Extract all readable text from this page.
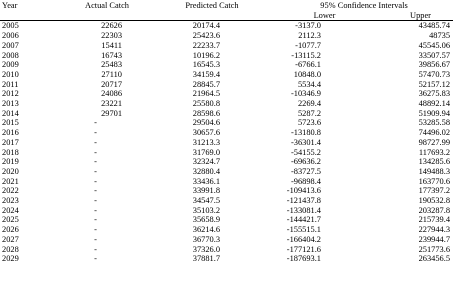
Year	Actual Catch	Predicted Catch	95% Confidence Intervals	
			Lower	Upper
2005	22626	20174.4	-3137.0	43485.74
2006	22303	25423.6	2112.3	48735
2007	15411	22233.7	-1077.7	45545.06
2008	16743	10196.2	-13115.2	33507.57
2009	25483	16545.3	-6766.1	39856.67
2010	27110	34159.4	10848.0	57470.73
2011	20717	28845.7	5534.4	52157.12
2012	24086	21964.5	-10346.9	36275.83
2013	23221	25580.8	2269.4	48892.14
2014	29701	28598.6	5287.2	51909.94
2015	-	29504.6	5723.6	53285.58
2016	-	30657.6	-13180.8	74496.02
2017	-	31213.3	-36301.4	98727.99
2018	-	31769.0	-54155.2	117693.2
2019	-	32324.7	-69636.2	134285.6
2020	-	32880.4	-83727.5	149488.3
2021	-	33436.1	-96898.4	163770.6
2022	-	33991.8	-109413.6	177397.2
2023	-	34547.5	-121437.8	190532.8
2024	-	35103.2	-133081.4	203287.8
2025	-	35658.9	-144421.7	215739.4
2026	-	36214.6	-155515.1	227944.3
2027	-	36770.3	-166404.2	239944.7
2028	-	37326.0	-177121.6	251773.6
2029	-	37881.7	-187693.1	263456.5
